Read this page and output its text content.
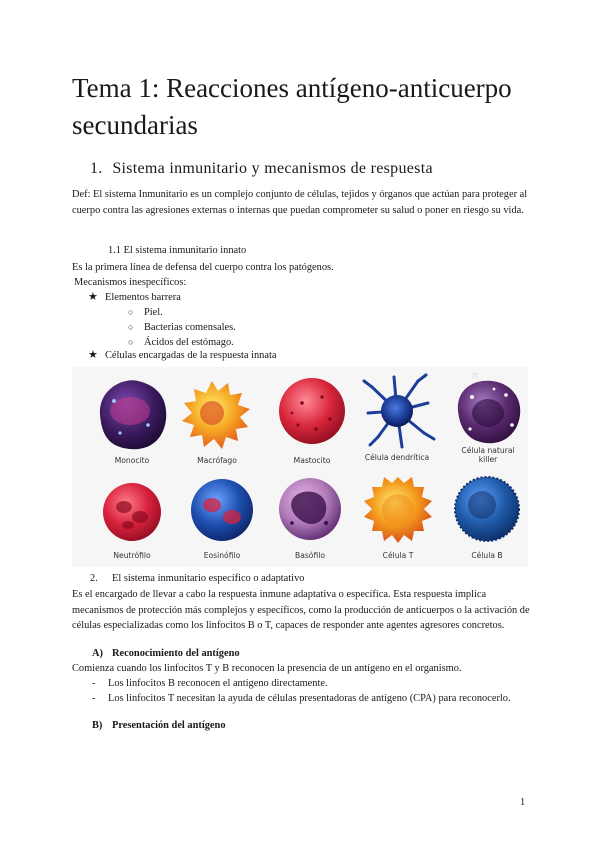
Tema 1: Reacciones antígeno-anticuerpo secundarias
1. Sistema inmunitario y mecanismos de respuesta

Def: El sistema Inmunitario es un complejo conjunto de células, tejidos y órganos que actúan para proteger al cuerpo contra las agresiones externas o internas que puedan comprometer su salud o poner en riesgo su vida.

1.1 El sistema inmunitario innato

Es la primera línea de defensa del cuerpo contra los patógenos.

Mecanismos inespecíficos:

★ Elementos barrera
○ Piel.
○ Bacterias comensales.
○ Ácidos del estómago.
★ Células encargadas de la respuesta innata
n
Monocito	Macrófago	Mastocito	Célula dendrítica
Célula natural killer
Neutrófilo	Eosinófilo	Basófilo	Célula T	Célula B

2. El sistema inmunitario específico o adaptativo

Es el encargado de llevar a cabo la respuesta inmune adaptativa o específica. Esta respuesta implica mecanismos de protección más complejos y específicos, como la producción de anticuerpos o la activación de células especializadas como los linfocitos B o T, capaces de responder ante agentes agresores concretos.

A) Reconocimiento del antígeno

Comienza cuando los linfocitos T y B reconocen la presencia de un antígeno en el organismo.

- Los linfocitos B reconocen el antígeno directamente.
- Los linfocitos T necesitan la ayuda de células presentadoras de antígeno (CPA) para reconocerlo.

B) Presentación del antígeno

1
